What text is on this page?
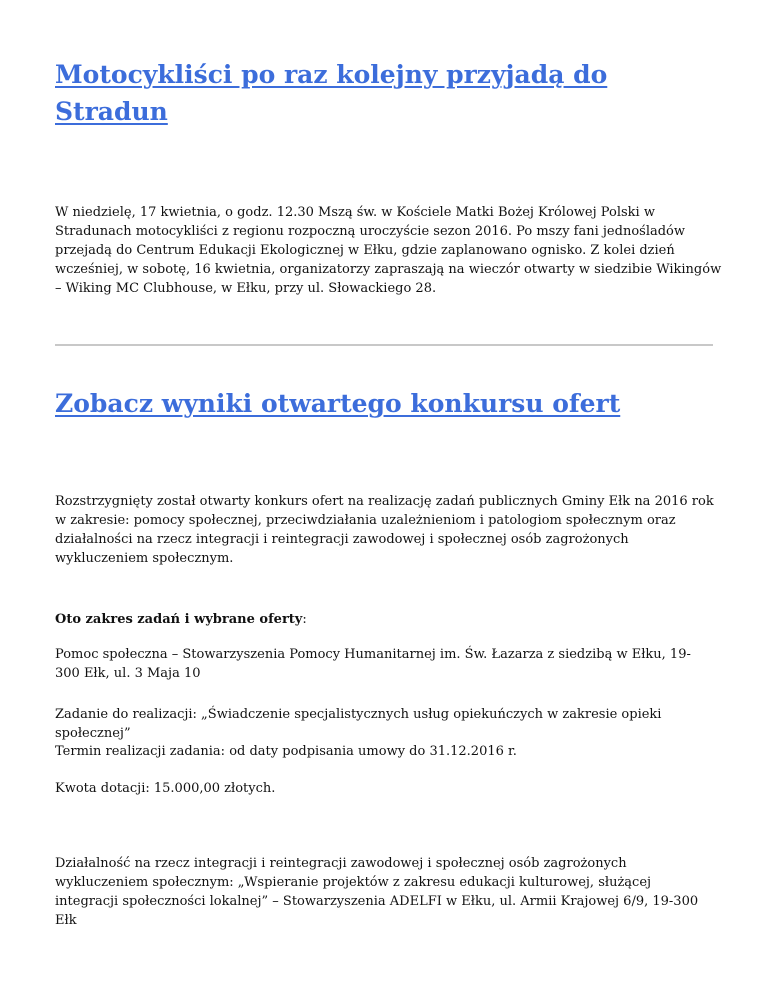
Motocykliści po raz kolejny przyjadą do Stradun

W niedzielę, 17 kwietnia, o godz. 12.30 Mszą św. w Kościele Matki Bożej Królowej Polski w Stradunach motocykliści z regionu rozpoczną uroczyście sezon 2016. Po mszy fani jednośladów przejadą do Centrum Edukacji Ekologicznej w Ełku, gdzie zaplanowano ognisko. Z kolei dzień wcześniej, w sobotę, 16 kwietnia, organizatorzy zapraszają na wieczór otwarty w siedzibie Wikingów – Wiking MC Clubhouse, w Ełku, przy ul. Słowackiego 28.

Zobacz wyniki otwartego konkursu ofert

Rozstrzygnięty został otwarty konkurs ofert na realizację zadań publicznych Gminy Ełk na 2016 rok w zakresie: pomocy społecznej, przeciwdziałania uzależnieniom i patologiom społecznym oraz działalności na rzecz integracji i reintegracji zawodowej i społecznej osób zagrożonych wykluczeniem społecznym.

Oto zakres zadań i wybrane oferty:

Pomoc społeczna – Stowarzyszenia Pomocy Humanitarnej im. Św. Łazarza z siedzibą w Ełku, 19-300 Ełk, ul. 3 Maja 10

Zadanie do realizacji: „Świadczenie specjalistycznych usług opiekuńczych w zakresie opieki społecznej”

Termin realizacji zadania: od daty podpisania umowy do 31.12.2016 r.

Kwota dotacji: 15.000,00 złotych.

Działalność na rzecz integracji i reintegracji zawodowej i społecznej osób zagrożonych wykluczeniem społecznym: „Wspieranie projektów z zakresu edukacji kulturowej, służącej integracji społeczności lokalnej” – Stowarzyszenia ADELFI w Ełku, ul. Armii Krajowej 6/9, 19-300 Ełk
